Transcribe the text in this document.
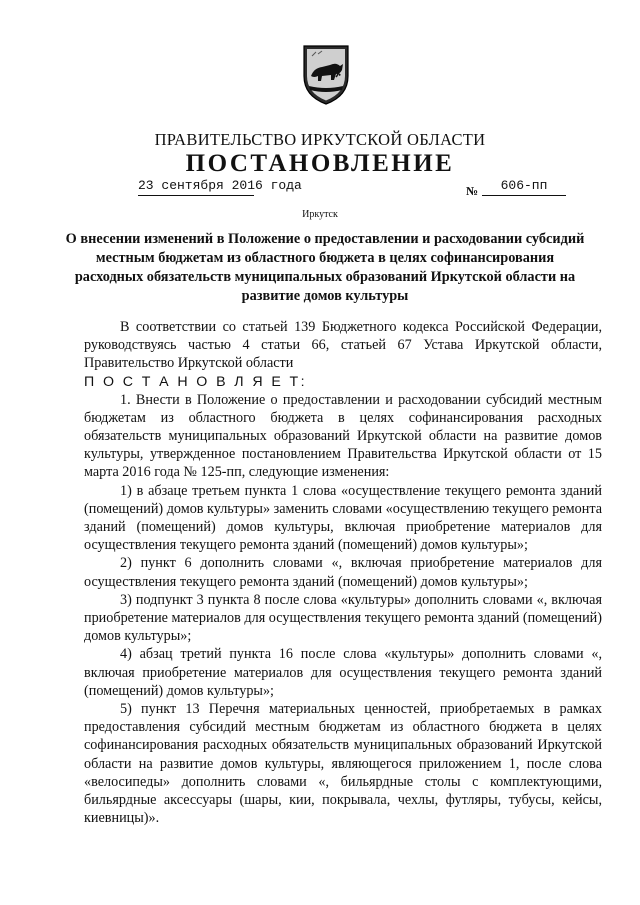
ПРАВИТЕЛЬСТВО ИРКУТСКОЙ ОБЛАСТИ
ПОСТАНОВЛЕНИЕ
23 сентября 2016 года	№	606-пп
Иркутск
О внесении изменений в Положение о предоставлении и расходовании субсидий местным бюджетам из областного бюджета в целях софинансирования расходных обязательств муниципальных образований Иркутской области на развитие домов культуры

В соответствии со статьей 139 Бюджетного кодекса Российской Федерации, руководствуясь частью 4 статьи 66, статьей 67 Устава Иркутской области, Правительство Иркутской области

П О С Т А Н О В Л Я Е Т:

1. Внести в Положение о предоставлении и расходовании субсидий местным бюджетам из областного бюджета в целях софинансирования расходных обязательств муниципальных образований Иркутской области на развитие домов культуры, утвержденное постановлением Правительства Иркутской области от 15 марта 2016 года № 125-пп, следующие изменения:

1) в абзаце третьем пункта 1 слова «осуществление текущего ремонта зданий (помещений) домов культуры» заменить словами «осуществлению текущего ремонта зданий (помещений) домов культуры, включая приобретение материалов для осуществления текущего ремонта зданий (помещений) домов культуры»;

2) пункт 6 дополнить словами «, включая приобретение материалов для осуществления текущего ремонта зданий (помещений) домов культуры»;

3) подпункт 3 пункта 8 после слова «культуры» дополнить словами «, включая приобретение материалов для осуществления текущего ремонта зданий (помещений) домов культуры»;

4) абзац третий пункта 16 после слова «культуры» дополнить словами «, включая приобретение материалов для осуществления текущего ремонта зданий (помещений) домов культуры»;

5) пункт 13 Перечня материальных ценностей, приобретаемых в рамках предоставления субсидий местным бюджетам из областного бюджета в целях софинансирования расходных обязательств муниципальных образований Иркутской области на развитие домов культуры, являющегося приложением 1, после слова «велосипеды» дополнить словами «, бильярдные столы с комплектующими, бильярдные аксессуары (шары, кии, покрывала, чехлы, футляры, тубусы, кейсы, киевницы)».
